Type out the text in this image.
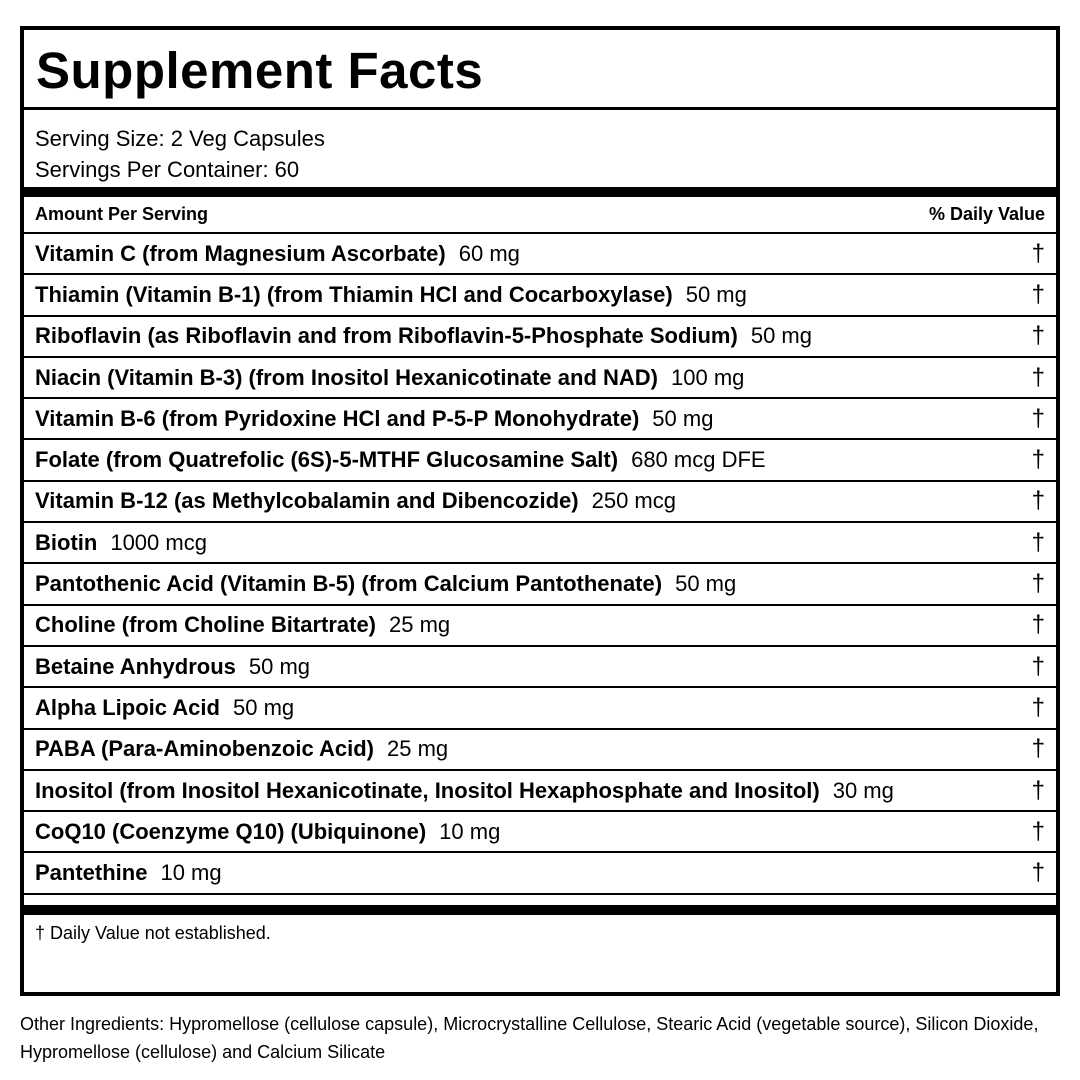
Supplement Facts
Serving Size: 2 Veg Capsules
Servings Per Container: 60
Amount Per Serving	% Daily Value
Vitamin C (from Magnesium Ascorbate) 60 mg	†
Thiamin (Vitamin B-1) (from Thiamin HCl and Cocarboxylase) 50 mg	†
Riboflavin (as Riboflavin and from Riboflavin-5-Phosphate Sodium) 50 mg	†
Niacin (Vitamin B-3) (from Inositol Hexanicotinate and NAD) 100 mg	†
Vitamin B-6 (from Pyridoxine HCl and P-5-P Monohydrate) 50 mg	†
Folate (from Quatrefolic (6S)-5-MTHF Glucosamine Salt) 680 mcg DFE	†
Vitamin B-12 (as Methylcobalamin and Dibencozide) 250 mcg	†
Biotin 1000 mcg	†
Pantothenic Acid (Vitamin B-5) (from Calcium Pantothenate) 50 mg	†
Choline (from Choline Bitartrate) 25 mg	†
Betaine Anhydrous 50 mg	†
Alpha Lipoic Acid 50 mg	†
PABA (Para-Aminobenzoic Acid) 25 mg	†
Inositol (from Inositol Hexanicotinate, Inositol Hexaphosphate and Inositol) 30 mg	†
CoQ10 (Coenzyme Q10) (Ubiquinone) 10 mg	†
Pantethine 10 mg	†
† Daily Value not established.
Other Ingredients: Hypromellose (cellulose capsule), Microcrystalline Cellulose, Stearic Acid (vegetable source), Silicon Dioxide, Hypromellose (cellulose) and Calcium Silicate
